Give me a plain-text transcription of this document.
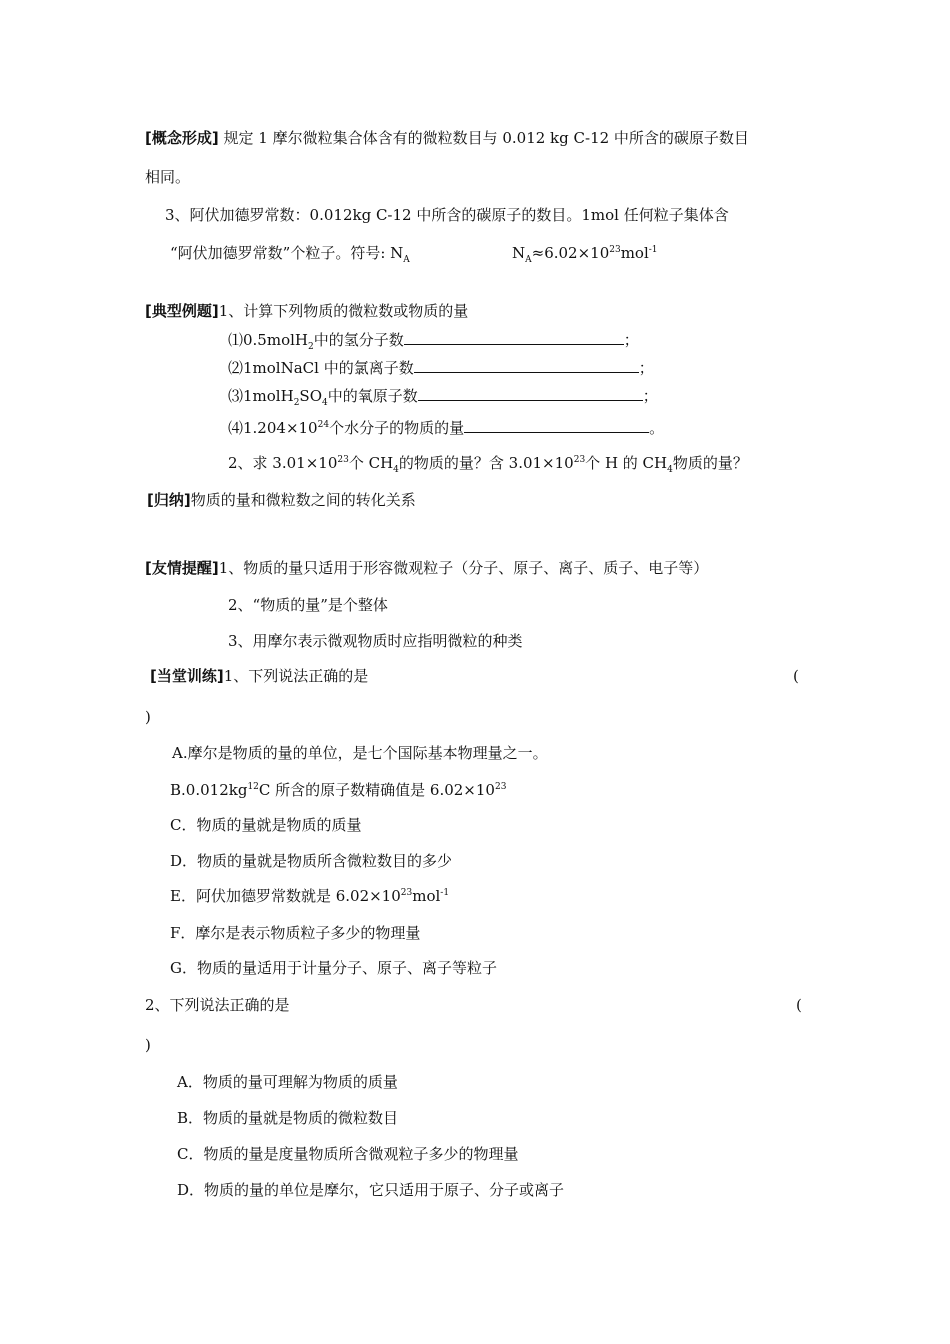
[概念形成] 规定 1 摩尔微粒集合体含有的微粒数目与 0.012 kg C-12 中所含的碳原子数目
相同。
3、阿伏加德罗常数：0.012kg C-12 中所含的碳原子的数目。1mol 任何粒子集体含
“阿伏加德罗常数”个粒子。符号: $N_A$	$N_A\approx 6.02\times 10^{23}mol^{-1}$
[典型例题]1、计算下列物质的微粒数或物质的量
⑴0.5molH$_2$中的氢分子数	；
⑵1molNaCl 中的氯离子数	；
$⑶1molH_2SO_4$中的氧原子数	；
$⑷1.204\times 10^{24}$个水分子的物质的量	。
2、求 $3.01\times 10^{23}$个 $CH_4$的物质的量？含 $3.01\times 10^{23}$个 H 的 $CH_4$物质的量？
[归纳]物质的量和微粒数之间的转化关系
[友情提醒]1、物质的量只适用于形容微观粒子（分子、原子、离子、质子、电子等）
2、“物质的量”是个整体
3、用摩尔表示微观物质时应指明微粒的种类
[当堂训练]1、下列说法正确的是	(
)
A.摩尔是物质的量的单位，是七个国际基本物理量之一。
$B.0.012kg^{12}C$ 所含的原子数精确值是 $6.02\times 10^{23}$
C．物质的量就是物质的质量
D．物质的量就是物质所含微粒数目的多少
E．阿伏加德罗常数就是 $6.02\times 10^{23}mol^{-1}$
F．摩尔是表示物质粒子多少的物理量
G．物质的量适用于计量分子、原子、离子等粒子
2、下列说法正确的是	(
)
A．物质的量可理解为物质的质量
B．物质的量就是物质的微粒数目
C．物质的量是度量物质所含微观粒子多少的物理量
D．物质的量的单位是摩尔，它只适用于原子、分子或离子
